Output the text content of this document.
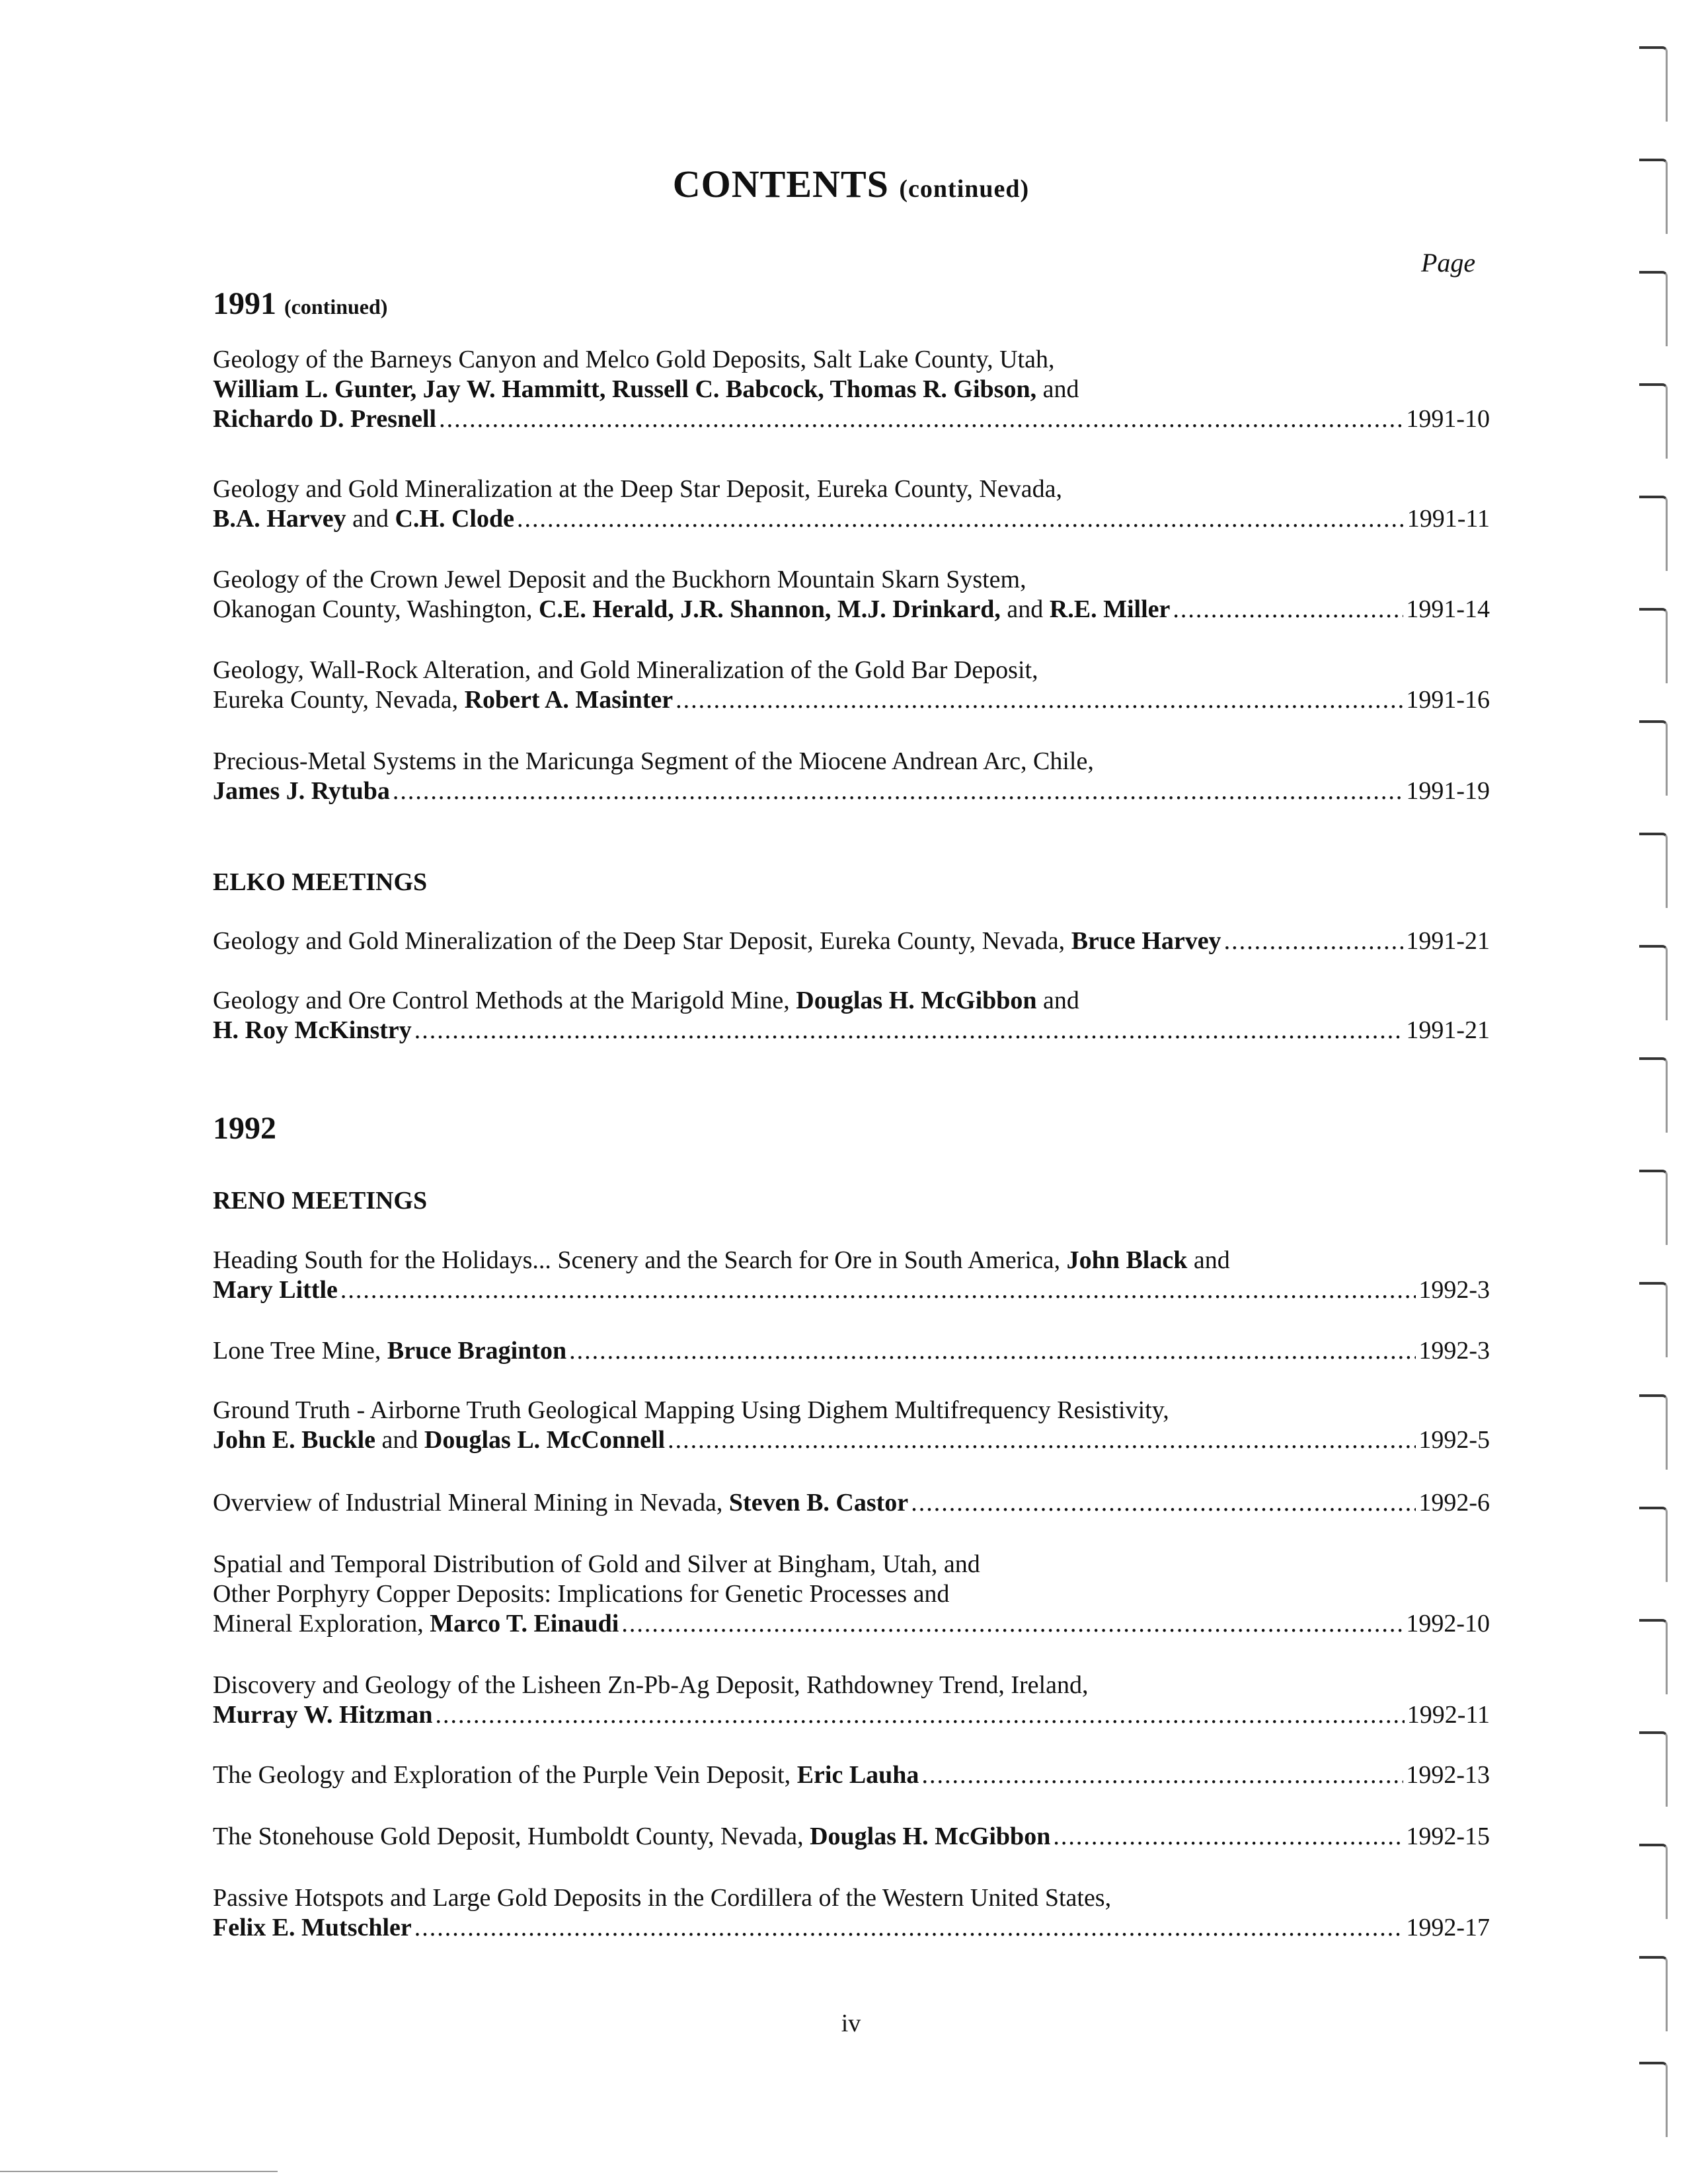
CONTENTS (continued)
Page
1991 (continued)
Geology of the Barneys Canyon and Melco Gold Deposits, Salt Lake County, Utah,
William L. Gunter, Jay W. Hammitt, Russell C. Babcock, Thomas R. Gibson, and
Richardo D. Presnell .....	1991-10
Geology and Gold Mineralization at the Deep Star Deposit, Eureka County, Nevada,
B.A. Harvey and C.H. Clode .....	1991-11
Geology of the Crown Jewel Deposit and the Buckhorn Mountain Skarn System,
Okanogan County, Washington, C.E. Herald, J.R. Shannon, M.J. Drinkard, and R.E. Miller .....	1991-14
Geology, Wall-Rock Alteration, and Gold Mineralization of the Gold Bar Deposit,
Eureka County, Nevada, Robert A. Masinter .....	1991-16
Precious-Metal Systems in the Maricunga Segment of the Miocene Andrean Arc, Chile,
James J. Rytuba .....	1991-19
ELKO MEETINGS
Geology and Gold Mineralization of the Deep Star Deposit, Eureka County, Nevada, Bruce Harvey .....	1991-21
Geology and Ore Control Methods at the Marigold Mine, Douglas H. McGibbon and
H. Roy McKinstry .....	1991-21
1992
RENO MEETINGS
Heading South for the Holidays... Scenery and the Search for Ore in South America, John Black and
Mary Little .....	1992-3
Lone Tree Mine, Bruce Braginton .....	1992-3
Ground Truth - Airborne Truth Geological Mapping Using Dighem Multifrequency Resistivity,
John E. Buckle and Douglas L. McConnell .....	1992-5
Overview of Industrial Mineral Mining in Nevada, Steven B. Castor .....	1992-6
Spatial and Temporal Distribution of Gold and Silver at Bingham, Utah, and
Other Porphyry Copper Deposits: Implications for Genetic Processes and
Mineral Exploration, Marco T. Einaudi .....	1992-10
Discovery and Geology of the Lisheen Zn-Pb-Ag Deposit, Rathdowney Trend, Ireland,
Murray W. Hitzman .....	1992-11
The Geology and Exploration of the Purple Vein Deposit, Eric Lauha .....	1992-13
The Stonehouse Gold Deposit, Humboldt County, Nevada, Douglas H. McGibbon .....	1992-15
Passive Hotspots and Large Gold Deposits in the Cordillera of the Western United States,
Felix E. Mutschler .....	1992-17
iv
